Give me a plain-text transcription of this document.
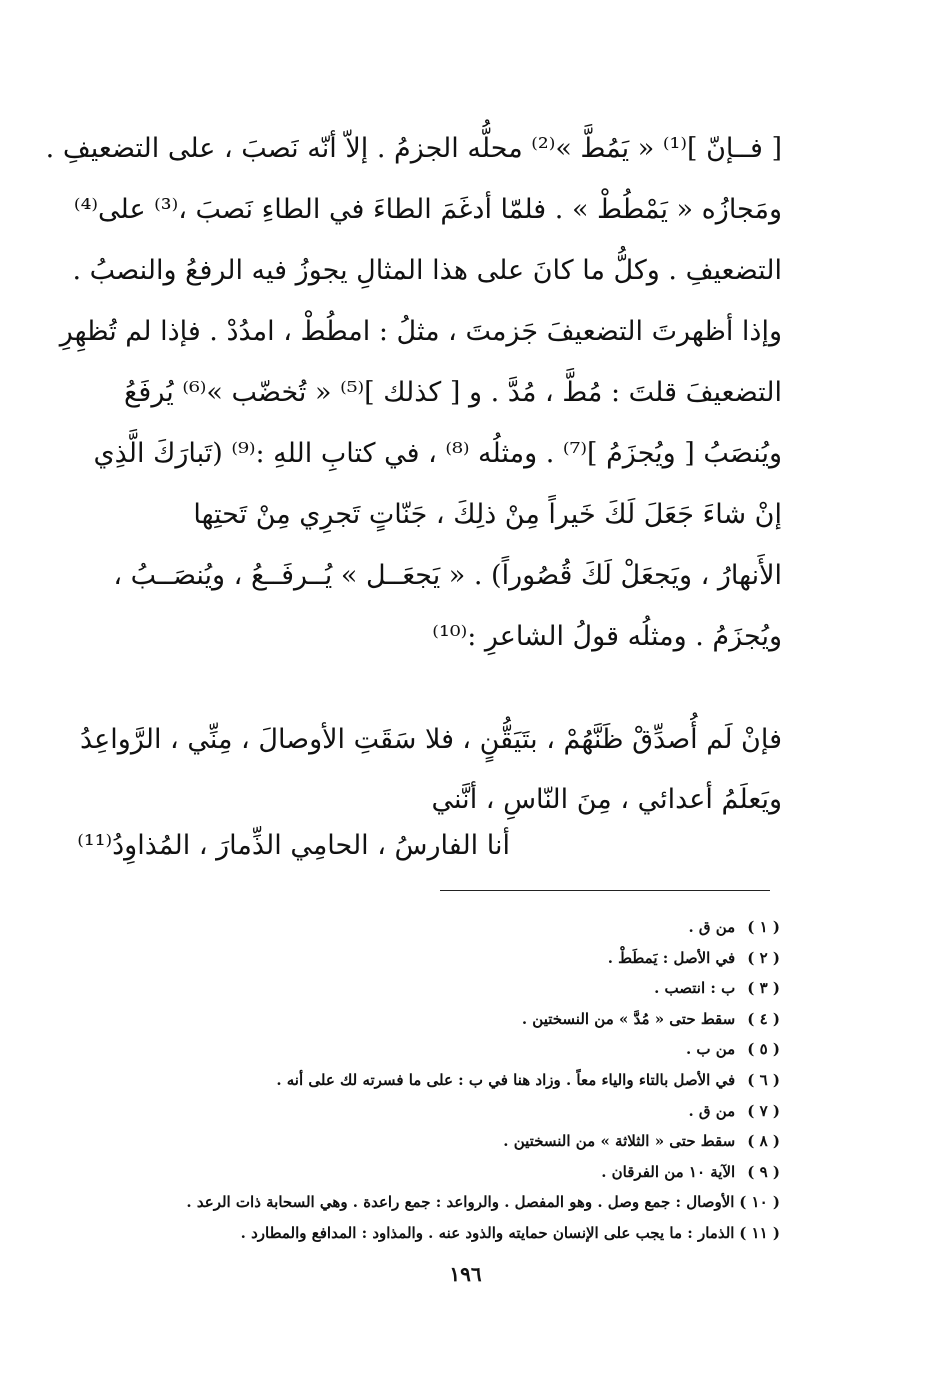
[ فــإنّ ]⁽¹⁾ « يَمُطَّ »⁽²⁾ محلُّه الجزمُ . إلاّ أنّه نَصبَ ، على التضعيفِ .
ومَجازُه « يَمْطُطْ » . فلمّا أدغَمَ الطاءَ في الطاءِ نَصبَ ،⁽³⁾ على⁽⁴⁾
التضعيفِ . وكلُّ ما كانَ على هذا المثالِ يجوزُ فيه الرفعُ والنصبُ .
وإذا أظهرتَ التضعيفَ جَزمتَ ، مثلُ : امطُطْ ، امدُدْ . فإذا لم تُظهِرِ
التضعيفَ قلتَ : مُطَّ ، مُدَّ . و [ كذلك ]⁽⁵⁾ « تُخضّب »⁽⁶⁾ يُرفَعُ
ويُنصَبُ [ ويُجزَمُ ]⁽⁷⁾ . ومثلُه ⁽⁸⁾ ، في كتابِ اللهِ :⁽⁹⁾ (تَبارَكَ الَّذِي
إنْ شاءَ جَعَلَ لَكَ خَيراً مِنْ ذلِكَ ، جَنّاتٍ تَجرِي مِنْ تَحتِها
الأَنهارُ ، ويَجعَلْ لَكَ قُصُوراً) . « يَجعَــل » يُــرفَــعُ ، ويُنصَــبُ ،
ويُجزَمُ . ومثلُه قولُ الشاعرِ :⁽¹⁰⁾
فإنْ لَم أُصدِّقْ ظَنَّهُمْ ، بتَيَقُّنٍ ،
فلا سَقَتِ الأوصالَ ، مِنِّي ، الرَّواعِدُ
ويَعلَمُ أعدائي ، مِنَ النّاسِ ، أنَّني
أنا الفارسُ ، الحامِي الذِّمارَ ، المُذاوِدُ⁽¹¹⁾
( ١ ) من ق .
( ٢ ) في الأصل : يَمطَطْ .
( ٣ ) ب : انتصب .
( ٤ ) سقط حتى « مُدَّ » من النسختين .
( ٥ ) من ب .
( ٦ ) في الأصل بالتاء والياء معاً . وزاد هنا في ب : على ما فسرته لك على أنه .
( ٧ ) من ق .
( ٨ ) سقط حتى « الثلاثة » من النسختين .
( ٩ ) الآية ١٠ من الفرقان .
( ١٠ ) الأوصال : جمع وصل . وهو المفصل . والرواعد : جمع راعدة . وهي السحابة ذات الرعد .
( ١١ ) الذمار : ما يجب على الإنسان حمايته والذود عنه . والمذاود : المدافع والمطارد .
١٩٦
